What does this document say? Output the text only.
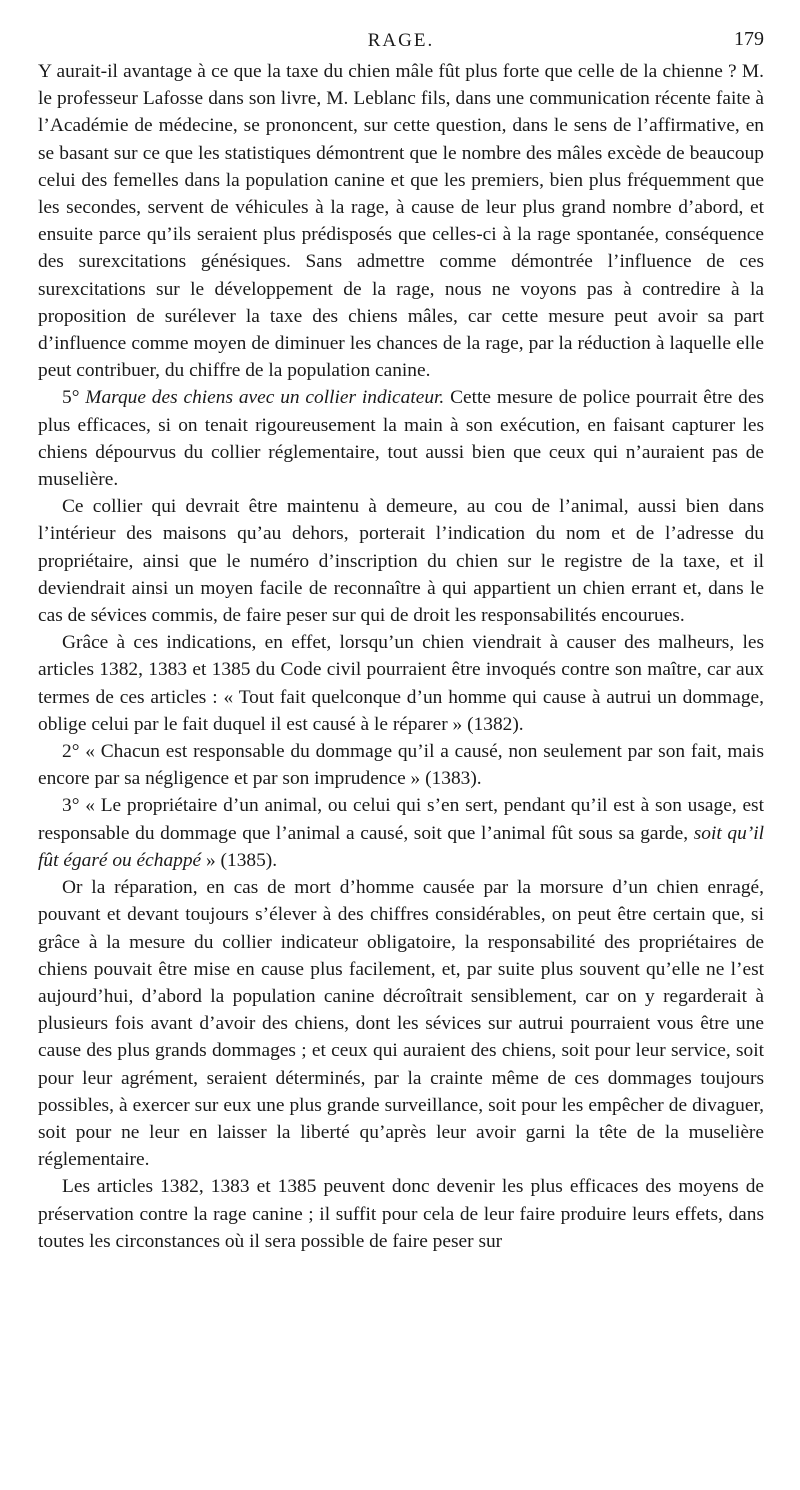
RAGE.	179

Y aurait-il avantage à ce que la taxe du chien mâle fût plus forte que celle de la chienne ? M. le professeur Lafosse dans son livre, M. Leblanc fils, dans une communication récente faite à l’Académie de médecine, se prononcent, sur cette question, dans le sens de l’affirmative, en se basant sur ce que les statistiques démontrent que le nombre des mâles excède de beaucoup celui des femelles dans la population canine et que les premiers, bien plus fréquemment que les secondes, servent de véhicules à la rage, à cause de leur plus grand nombre d’abord, et ensuite parce qu’ils seraient plus prédisposés que celles-ci à la rage spontanée, conséquence des surexcitations génésiques. Sans admettre comme démontrée l’influence de ces surexcitations sur le développement de la rage, nous ne voyons pas à contredire à la proposition de surélever la taxe des chiens mâles, car cette mesure peut avoir sa part d’influence comme moyen de diminuer les chances de la rage, par la réduction à laquelle elle peut contribuer, du chiffre de la population canine.

5° Marque des chiens avec un collier indicateur. Cette mesure de police pourrait être des plus efficaces, si on tenait rigoureusement la main à son exécution, en faisant capturer les chiens dépourvus du collier réglementaire, tout aussi bien que ceux qui n’auraient pas de muselière.

Ce collier qui devrait être maintenu à demeure, au cou de l’animal, aussi bien dans l’intérieur des maisons qu’au dehors, porterait l’indication du nom et de l’adresse du propriétaire, ainsi que le numéro d’inscription du chien sur le registre de la taxe, et il deviendrait ainsi un moyen facile de reconnaître à qui appartient un chien errant et, dans le cas de sévices commis, de faire peser sur qui de droit les responsabilités encourues.

Grâce à ces indications, en effet, lorsqu’un chien viendrait à causer des malheurs, les articles 1382, 1383 et 1385 du Code civil pourraient être invoqués contre son maître, car aux termes de ces articles : « Tout fait quelconque d’un homme qui cause à autrui un dommage, oblige celui par le fait duquel il est causé à le réparer » (1382).

2° « Chacun est responsable du dommage qu’il a causé, non seulement par son fait, mais encore par sa négligence et par son imprudence » (1383).

3° « Le propriétaire d’un animal, ou celui qui s’en sert, pendant qu’il est à son usage, est responsable du dommage que l’animal a causé, soit que l’animal fût sous sa garde, soit qu’il fût égaré ou échappé » (1385).

Or la réparation, en cas de mort d’homme causée par la morsure d’un chien enragé, pouvant et devant toujours s’élever à des chiffres considérables, on peut être certain que, si grâce à la mesure du collier indicateur obligatoire, la responsabilité des propriétaires de chiens pouvait être mise en cause plus facilement, et, par suite plus souvent qu’elle ne l’est aujourd’hui, d’abord la population canine décroîtrait sensiblement, car on y regarderait à plusieurs fois avant d’avoir des chiens, dont les sévices sur autrui pourraient vous être une cause des plus grands dommages ; et ceux qui auraient des chiens, soit pour leur service, soit pour leur agrément, seraient déterminés, par la crainte même de ces dommages toujours possibles, à exercer sur eux une plus grande surveillance, soit pour les empêcher de divaguer, soit pour ne leur en laisser la liberté qu’après leur avoir garni la tête de la muselière réglementaire.

Les articles 1382, 1383 et 1385 peuvent donc devenir les plus efficaces des moyens de préservation contre la rage canine ; il suffit pour cela de leur faire produire leurs effets, dans toutes les circonstances où il sera possible de faire peser sur
